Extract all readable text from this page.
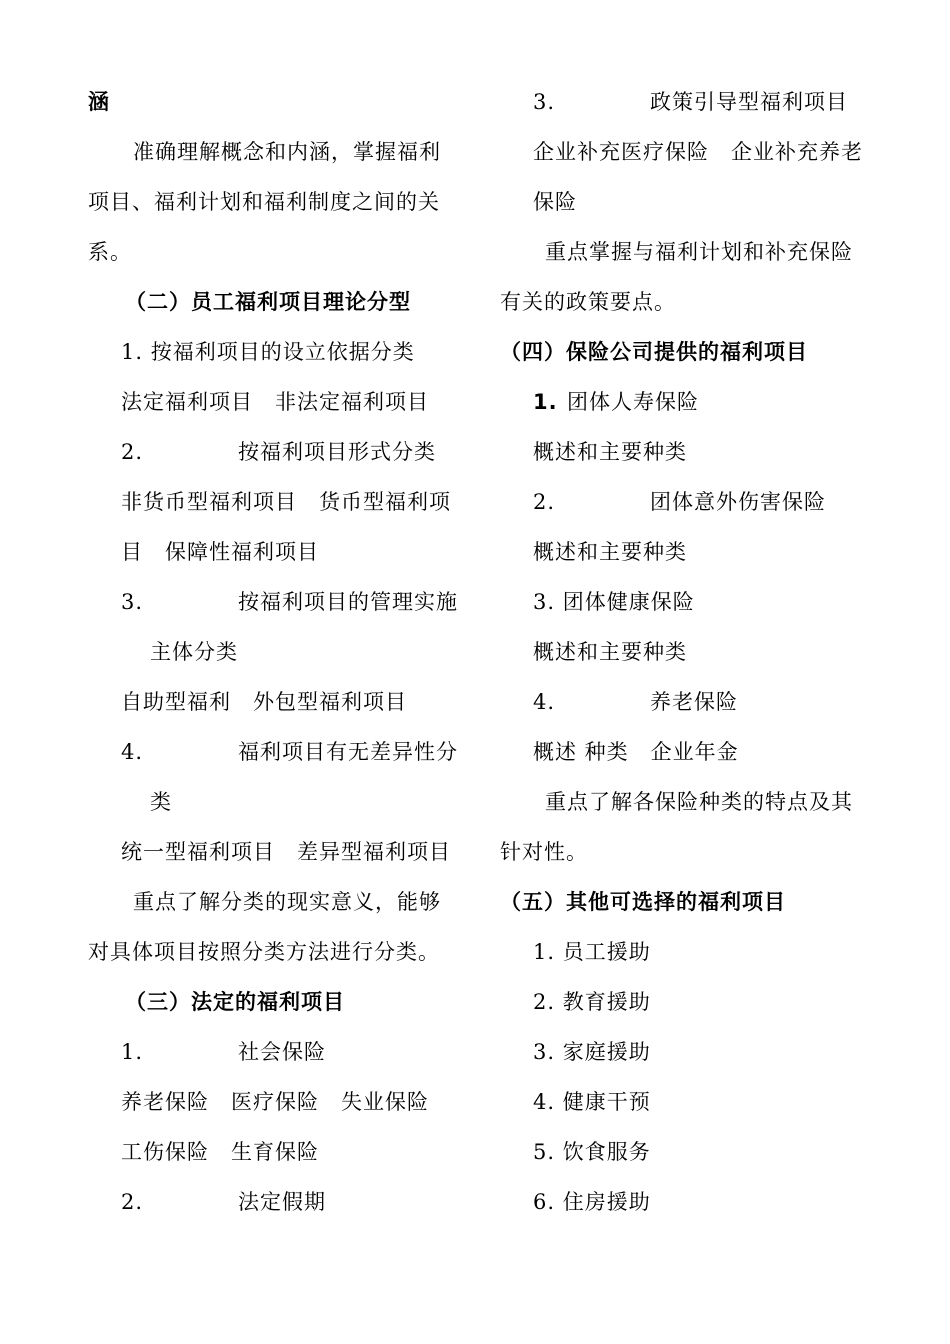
涵
准确理解概念和内涵，掌握福利
项目、福利计划和福利制度之间的关
系。
（二）员工福利项目理论分型
1. 按福利项目的设立依据分类
法定福利项目　非法定福利项目
2.	按福利项目形式分类
非货币型福利项目　货币型福利项
目　保障性福利项目
3.	按福利项目的管理实施
主体分类
自助型福利　外包型福利项目
4.	福利项目有无差异性分
类
统一型福利项目　差异型福利项目
重点了解分类的现实意义，能够
对具体项目按照分类方法进行分类。
（三）法定的福利项目
1.	社会保险
养老保险　医疗保险　失业保险
工伤保险　生育保险
2.	法定假期
3.	政策引导型福利项目
企业补充医疗保险　企业补充养老
保险
重点掌握与福利计划和补充保险
有关的政策要点。
（四）保险公司提供的福利项目
1. 团体人寿保险
概述和主要种类
2.	团体意外伤害保险
概述和主要种类
3. 团体健康保险
概述和主要种类
4.	养老保险
概述 种类　企业年金
重点了解各保险种类的特点及其
针对性。
（五）其他可选择的福利项目
1. 员工援助
2. 教育援助
3. 家庭援助
4. 健康干预
5. 饮食服务
6. 住房援助
